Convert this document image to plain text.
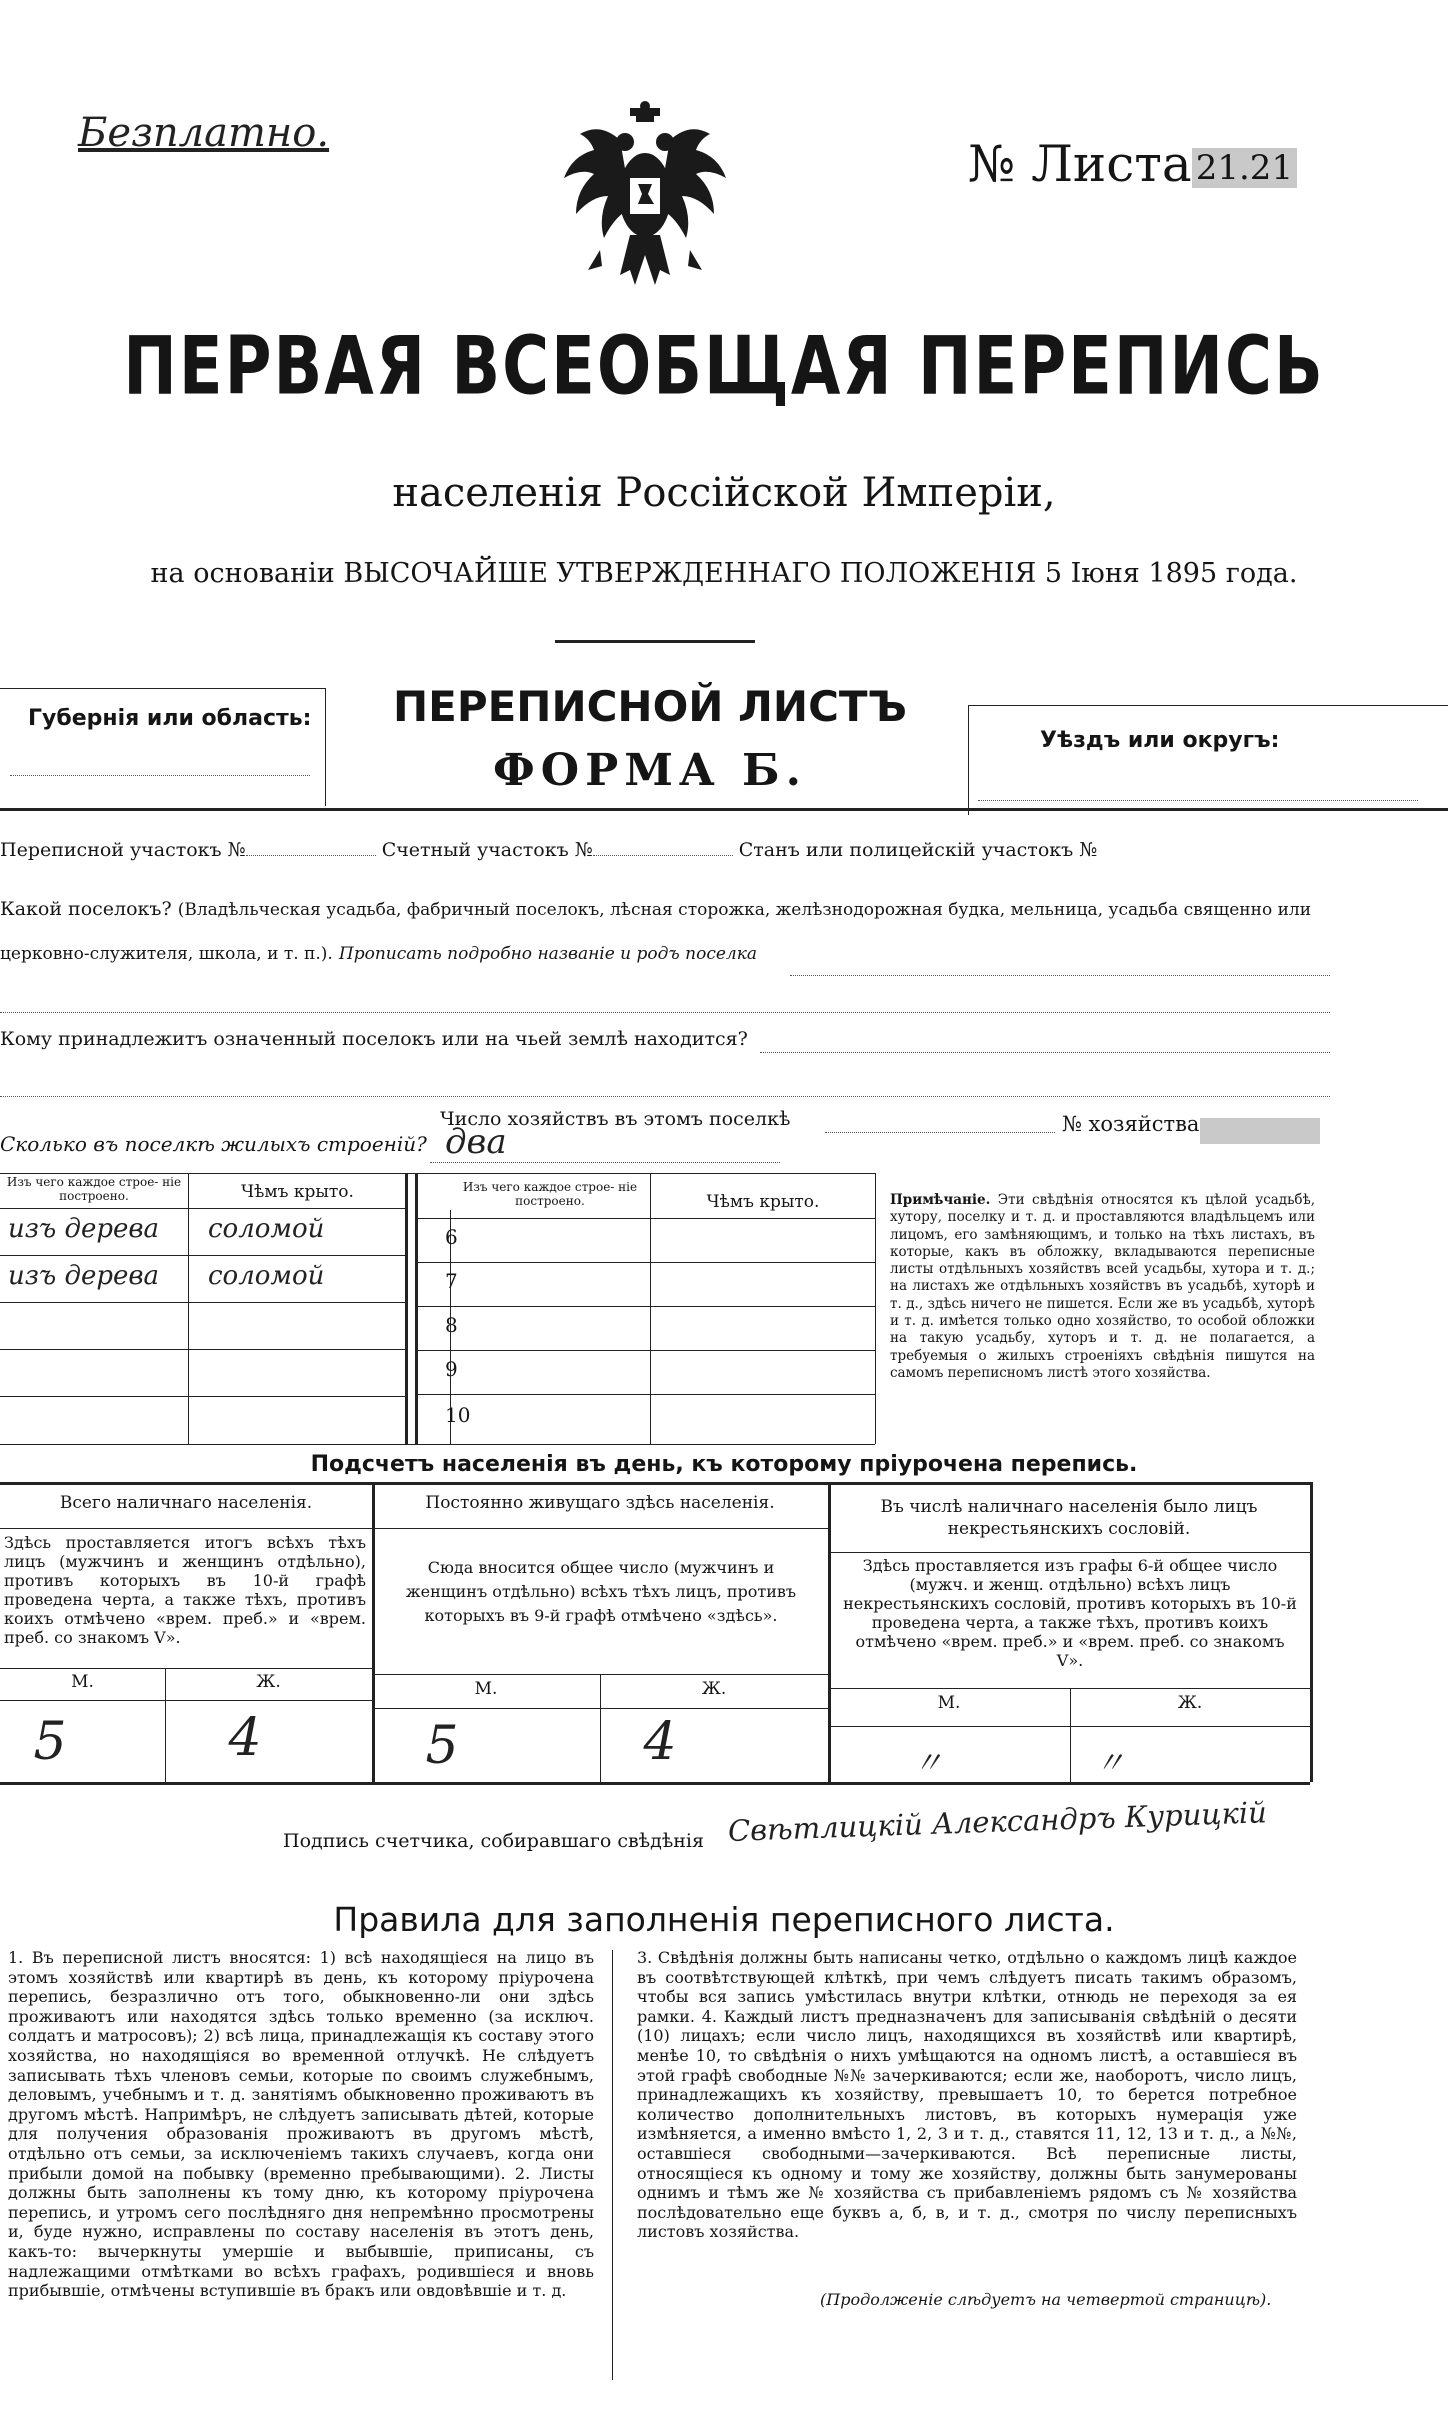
Безплатно.
№ Листа 21.21
ПЕРВАЯ ВСЕОБЩАЯ ПЕРЕПИСЬ
населенія Россійской Имперіи,
на основаніи ВЫСОЧАЙШЕ УТВЕРЖДЕННАГО ПОЛОЖЕНІЯ 5 Іюня 1895 года.
Губернія или область:	ПЕРЕПИСНОЙ ЛИСТЪ
ФОРМА Б.
Уѣздъ или округъ:
Переписной участокъ №	Счетный участокъ №	Станъ или полицейскій участокъ №
Какой поселокъ? (Владѣльческая усадьба, фабричный поселокъ, лѣсная сторожка, желѣзнодорожная будка, мельница, усадьба священно или церковно-служителя, школа, и т. п.). Прописать подробно названіе и родъ поселка
Кому принадлежитъ означенный поселокъ или на чьей землѣ находится?
Число хозяйствъ въ этомъ поселкѣ	№ хозяйства
Сколько въ поселкѣ жилыхъ строеній? два
Изъ чего каждое строе- ніе построено.	Чѣмъ крыто.	Изъ чего каждое строе- ніе построено.	Чѣмъ крыто.
изъ дерева соломой
изъ дерева соломой
6
7
8
9
10
Примѣчаніе. Эти свѣдѣнія относятся къ цѣлой усадьбѣ, хутору, поселку и т. д. и проставляются владѣльцемъ или лицомъ, его замѣняющимъ, и только на тѣхъ листахъ, въ которые, какъ въ обложку, вкладываются переписные листы отдѣльныхъ хозяйствъ всей усадьбы, хутора и т. д.; на листахъ же отдѣльныхъ хозяйствъ въ усадьбѣ, хуторѣ и т. д., здѣсь ничего не пишется. Если же въ усадьбѣ, хуторѣ и т. д. имѣется только одно хозяйство, то особой обложки на такую усадьбу, хуторъ и т. д. не полагается, а требуемыя о жилыхъ строеніяхъ свѣдѣнія пишутся на самомъ переписномъ листѣ этого хозяйства.
Подсчетъ населенія въ день, къ которому пріурочена перепись.
Всего наличнаго населенія.
Здѣсь проставляется итогъ всѣхъ тѣхъ лицъ (мужчинъ и женщинъ отдѣльно), противъ которыхъ въ 10-й графѣ проведена черта, а также тѣхъ, противъ коихъ отмѣчено «врем. преб.» и «врем. преб. со знакомъ V».
М.	Ж.
5	4
Постоянно живущаго здѣсь населенія.
Сюда вносится общее число (мужчинъ и женщинъ отдѣльно) всѣхъ тѣхъ лицъ, противъ которыхъ въ 9-й графѣ отмѣчено «здѣсь».
М.	Ж.
5	4
Въ числѣ наличнаго населенія было лицъ некрестьянскихъ сословій.
Здѣсь проставляется изъ графы 6-й общее число (мужч. и женщ. отдѣльно) всѣхъ лицъ некрестьянскихъ сословій, противъ которыхъ въ 10-й проведена черта, а также тѣхъ, противъ коихъ отмѣчено «врем. преб.» и «врем. преб. со знакомъ V».
М.	Ж.
〃	〃
Подпись счетчика, собиравшаго свѣдѣнія Свѣтлицкій Александръ Курицкій
Правила для заполненія переписного листа.
1. Въ переписной листъ вносятся: 1) всѣ находящіеся на лицо въ этомъ хозяйствѣ или квартирѣ въ день, къ которому пріурочена перепись, безразлично отъ того, обыкновенно-ли они здѣсь проживаютъ или находятся здѣсь только временно (за исключ. солдатъ и матросовъ); 2) всѣ лица, принадлежащія къ составу этого хозяйства, но находящіяся во временной отлучкѣ. Не слѣдуетъ записывать тѣхъ членовъ семьи, которые по своимъ служебнымъ, деловымъ, учебнымъ и т. д. занятіямъ обыкновенно проживаютъ въ другомъ мѣстѣ. Напримѣръ, не слѣдуетъ записывать дѣтей, которые для получения образованія проживаютъ въ другомъ мѣстѣ, отдѣльно отъ семьи, за исключеніемъ такихъ случаевъ, когда они прибыли домой на побывку (временно пребывающими). 2. Листы должны быть заполнены къ тому дню, къ которому пріурочена перепись, и утромъ сего послѣдняго дня непремѣнно просмотрены и, буде нужно, исправлены по составу населенія въ этотъ день, какъ-то: вычеркнуты умершіе и выбывшіе, приписаны, съ надлежащими отмѣтками во всѣхъ графахъ, родившіеся и вновь прибывшіе, отмѣчены вступившіе въ бракъ или овдовѣвшіе и т. д.
3. Свѣдѣнія должны быть написаны четко, отдѣльно о каждомъ лицѣ каждое въ соотвѣтствующей клѣткѣ, при чемъ слѣдуетъ писать такимъ образомъ, чтобы вся запись умѣстилась внутри клѣтки, отнюдь не переходя за ея рамки. 4. Каждый листъ предназначенъ для записыванія свѣдѣній о десяти (10) лицахъ; если число лицъ, находящихся въ хозяйствѣ или квартирѣ, менѣе 10, то свѣдѣнія о нихъ умѣщаются на одномъ листѣ, а оставшіеся въ этой графѣ свободные №№ зачеркиваются; если же, наоборотъ, число лицъ, принадлежащихъ къ хозяйству, превышаетъ 10, то берется потребное количество дополнительныхъ листовъ, въ которыхъ нумерація уже измѣняется, а именно вмѣсто 1, 2, 3 и т. д., ставятся 11, 12, 13 и т. д., а №№, оставшіеся свободными—зачеркиваются. Всѣ переписные листы, относящіеся къ одному и тому же хозяйству, должны быть занумерованы однимъ и тѣмъ же № хозяйства съ прибавленіемъ рядомъ съ № хозяйства послѣдовательно еще буквъ а, б, в, и т. д., смотря по числу переписныхъ листовъ хозяйства.
(Продолженіе слѣдуетъ на четвертой страницѣ).
